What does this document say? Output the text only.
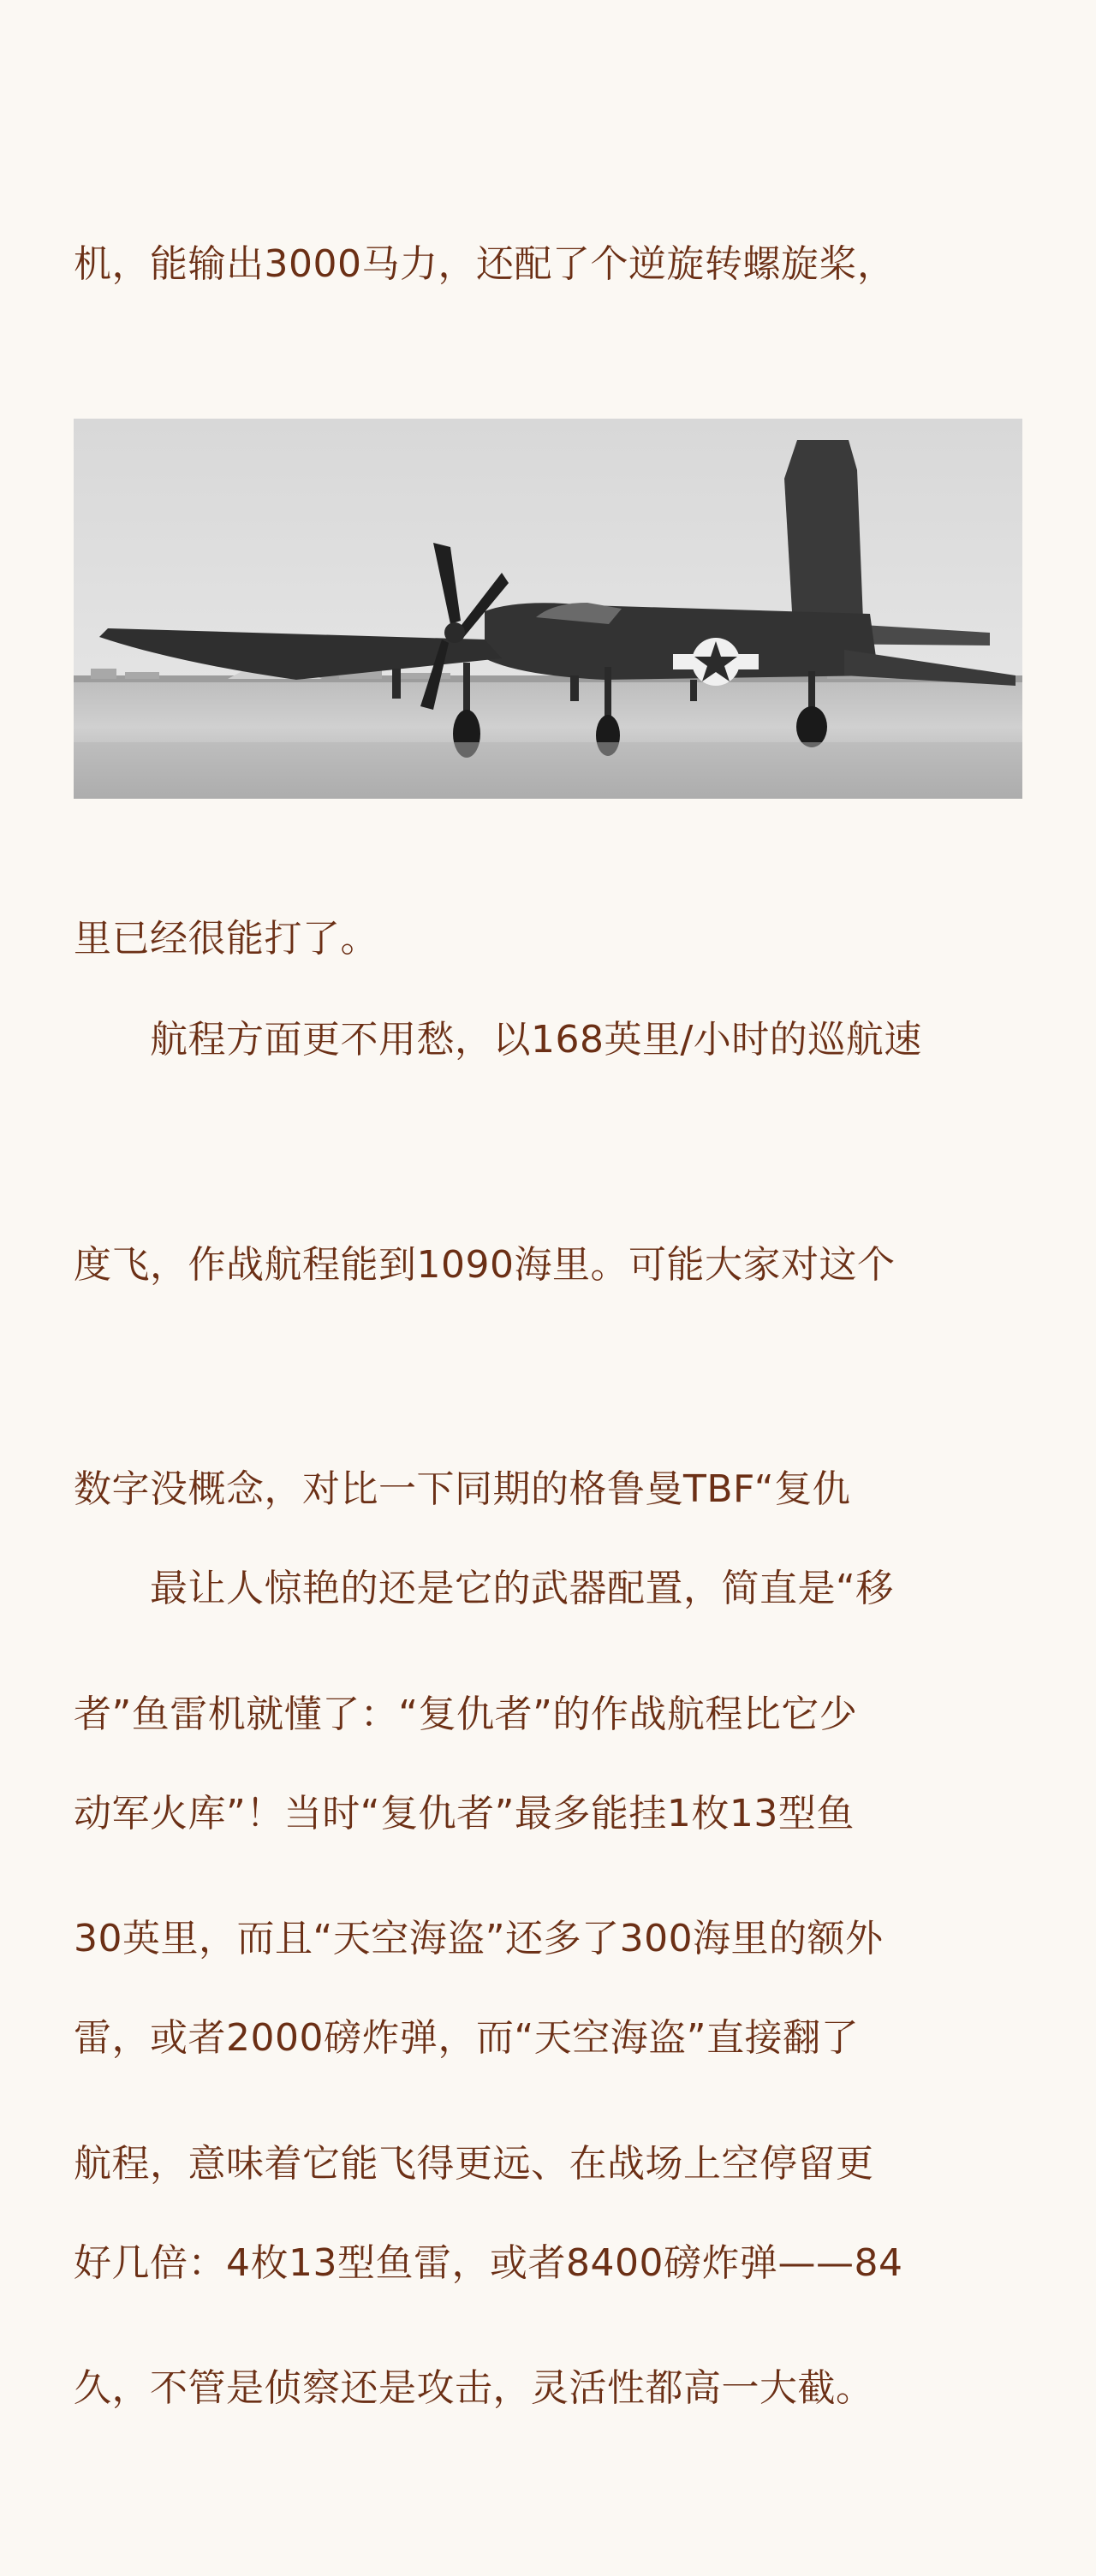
机，能输出3000马力，还配了个逆旋转螺旋桨，

里已经很能打了。

　　航程方面更不用愁，以168英里/小时的巡航速

度飞，作战航程能到1090海里。可能大家对这个

数字没概念，对比一下同期的格鲁曼TBF“复仇

者”鱼雷机就懂了：“复仇者”的作战航程比它少

30英里，而且“天空海盗”还多了300海里的额外

航程，意味着它能飞得更远、在战场上空停留更

久，不管是侦察还是攻击，灵活性都高一大截。

　　最让人惊艳的还是它的武器配置，简直是“移

动军火库”！当时“复仇者”最多能挂1枚13型鱼

雷，或者2000磅炸弹，而“天空海盗”直接翻了

好几倍：4枚13型鱼雷，或者8400磅炸弹——84
